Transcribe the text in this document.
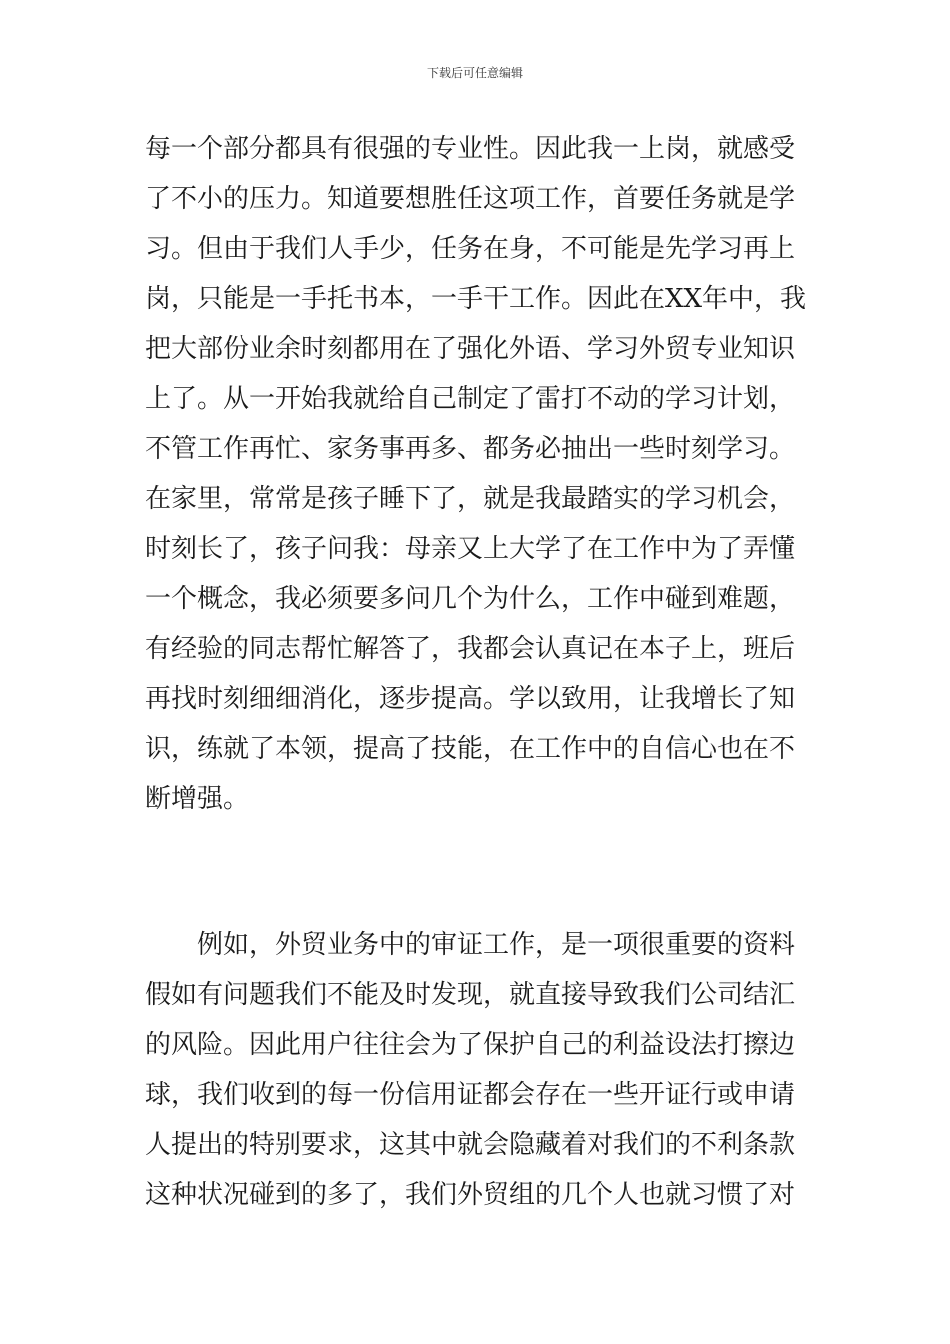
下载后可任意编辑
每一个部分都具有很强的专业性。因此我一上岗，就感受
了不小的压力。知道要想胜任这项工作，首要任务就是学
习。但由于我们人手少，任务在身，不可能是先学习再上
岗，只能是一手托书本，一手干工作。因此在XX年中，我
把大部份业余时刻都用在了强化外语、学习外贸专业知识
上了。从一开始我就给自己制定了雷打不动的学习计划，
不管工作再忙、家务事再多、都务必抽出一些时刻学习。
在家里，常常是孩子睡下了，就是我最踏实的学习机会，
时刻长了，孩子问我：母亲又上大学了在工作中为了弄懂
一个概念，我必须要多问几个为什么，工作中碰到难题，
有经验的同志帮忙解答了，我都会认真记在本子上，班后
再找时刻细细消化，逐步提高。学以致用，让我增长了知
识，练就了本领，提高了技能，在工作中的自信心也在不
断增强。
例如，外贸业务中的审证工作，是一项很重要的资料
假如有问题我们不能及时发现，就直接导致我们公司结汇
的风险。因此用户往往会为了保护自己的利益设法打擦边
球，我们收到的每一份信用证都会存在一些开证行或申请
人提出的特别要求，这其中就会隐藏着对我们的不利条款
这种状况碰到的多了，我们外贸组的几个人也就习惯了对
